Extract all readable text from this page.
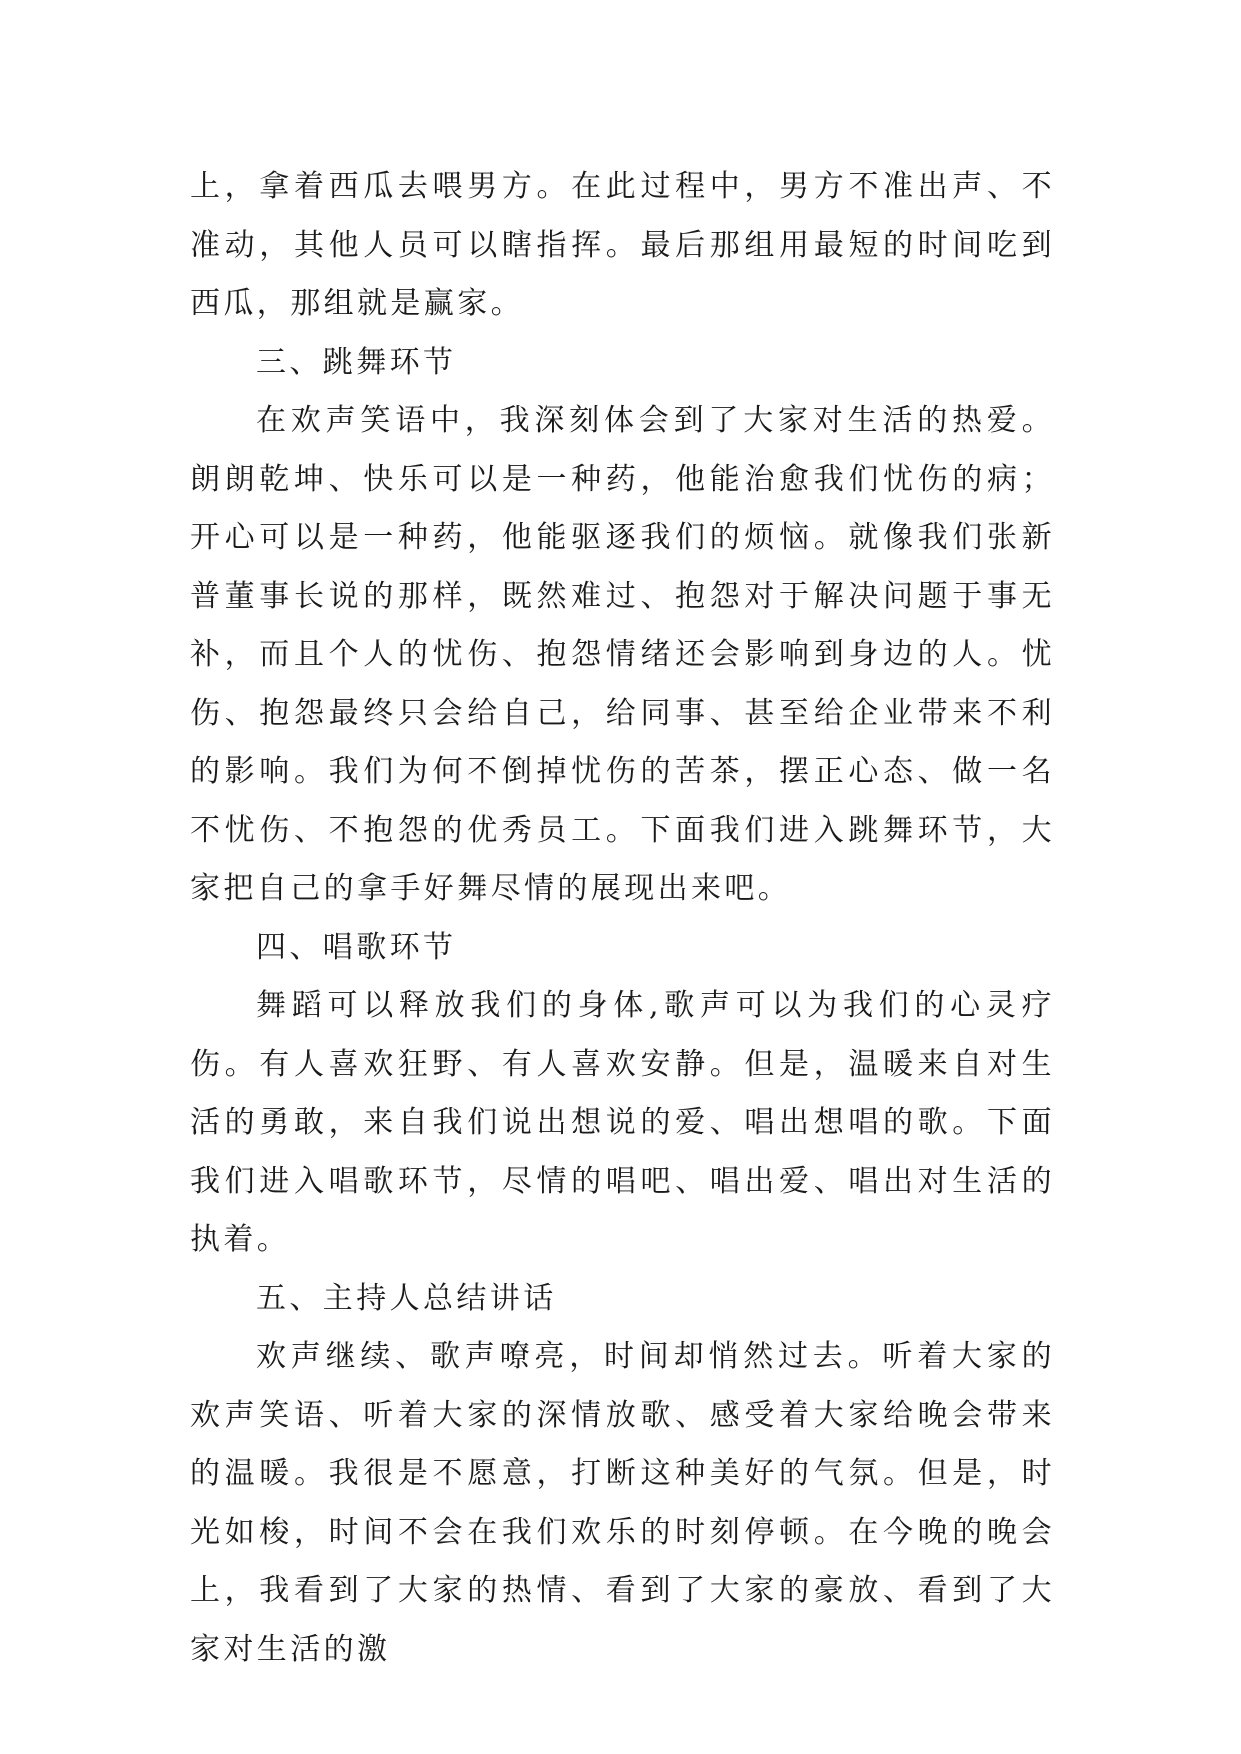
上，拿着西瓜去喂男方。在此过程中，男方不准出声、不准动，其他人员可以瞎指挥。最后那组用最短的时间吃到西瓜，那组就是赢家。

三、跳舞环节

在欢声笑语中，我深刻体会到了大家对生活的热爱。朗朗乾坤、快乐可以是一种药，他能治愈我们忧伤的病；开心可以是一种药，他能驱逐我们的烦恼。就像我们张新普董事长说的那样，既然难过、抱怨对于解决问题于事无补，而且个人的忧伤、抱怨情绪还会影响到身边的人。忧伤、抱怨最终只会给自己，给同事、甚至给企业带来不利的影响。我们为何不倒掉忧伤的苦茶，摆正心态、做一名不忧伤、不抱怨的优秀员工。下面我们进入跳舞环节，大家把自己的拿手好舞尽情的展现出来吧。

四、唱歌环节

舞蹈可以释放我们的身体,歌声可以为我们的心灵疗伤。有人喜欢狂野、有人喜欢安静。但是，温暖来自对生活的勇敢，来自我们说出想说的爱、唱出想唱的歌。下面我们进入唱歌环节，尽情的唱吧、唱出爱、唱出对生活的执着。

五、主持人总结讲话

欢声继续、歌声嘹亮，时间却悄然过去。听着大家的欢声笑语、听着大家的深情放歌、感受着大家给晚会带来的温暖。我很是不愿意，打断这种美好的气氛。但是，时光如梭，时间不会在我们欢乐的时刻停顿。在今晚的晚会上，我看到了大家的热情、看到了大家的豪放、看到了大家对生活的激
